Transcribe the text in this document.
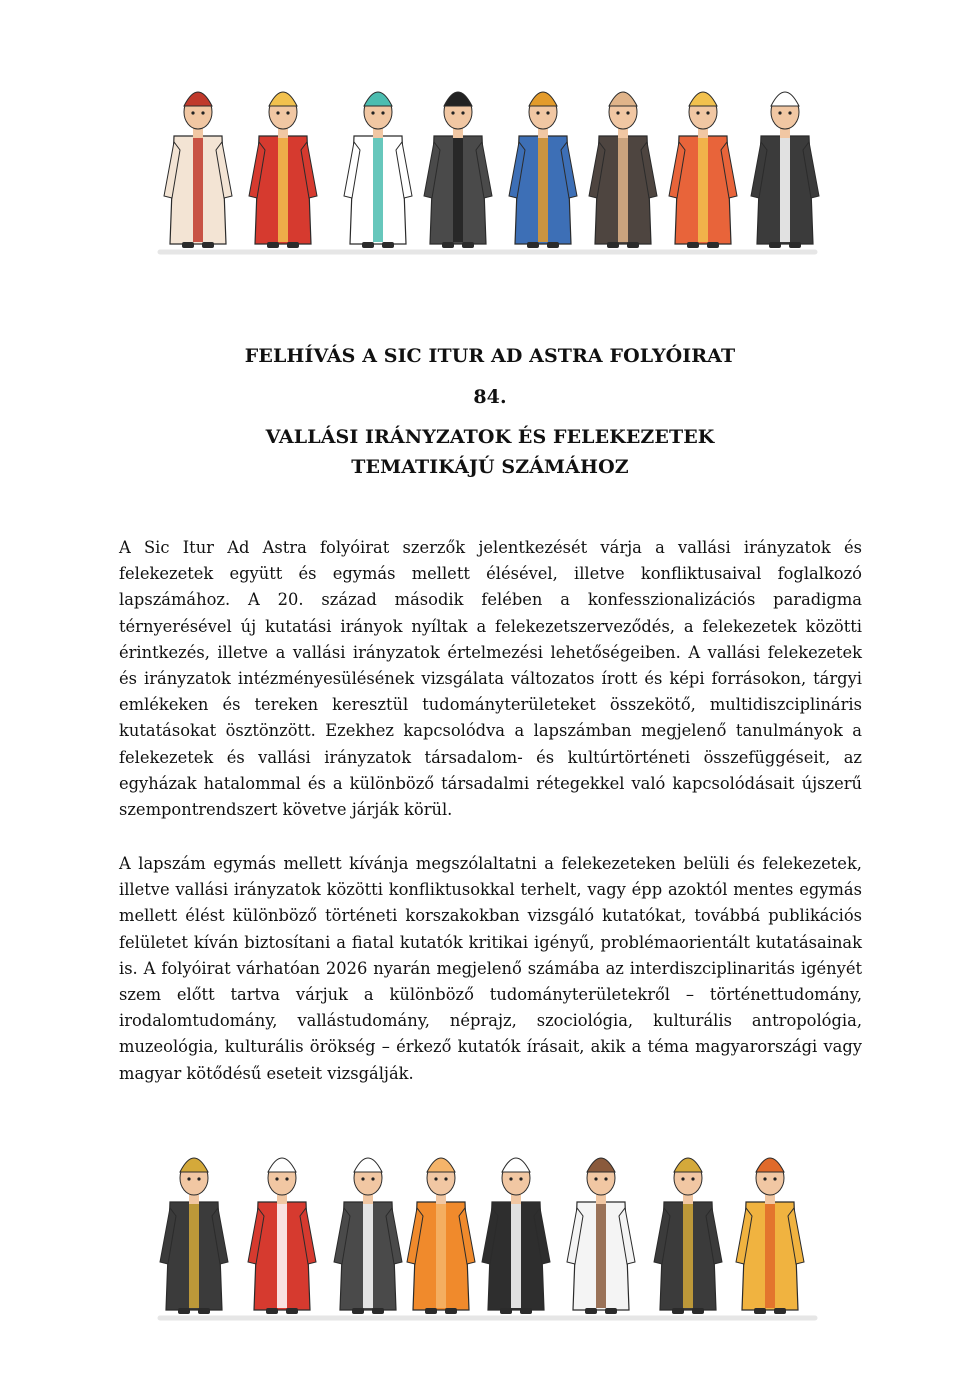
FELHÍVÁS A SIC ITUR AD ASTRA FOLYÓIRAT
84.
VALLÁSI IRÁNYZATOK ÉS FELEKEZETEK
TEMATIKÁJÚ SZÁMÁHOZ

A Sic Itur Ad Astra folyóirat szerzők jelentkezését várja a vallási irányzatok és felekezetek együtt és egymás mellett élésével, illetve konfliktusaival foglalkozó lapszámához. A 20. század második felében a konfesszionalizációs paradigma térnyerésével új kutatási irányok nyíltak a felekezetszerveződés, a felekezetek közötti érintkezés, illetve a vallási irányzatok értelmezési lehetőségeiben. A vallási felekezetek és irányzatok intézményesülésének vizsgálata változatos írott és képi forrásokon, tárgyi emlékeken és tereken keresztül tudományterületeket összekötő, multidiszciplináris kutatásokat ösztönzött. Ezekhez kapcsolódva a lapszámban megjelenő tanulmányok a felekezetek és vallási irányzatok társadalom- és kultúrtörténeti összefüggéseit, az egyházak hatalommal és a különböző társadalmi rétegekkel való kapcsolódásait újszerű szempontrendszert követve járják körül.

A lapszám egymás mellett kívánja megszólaltatni a felekezeteken belüli és felekezetek, illetve vallási irányzatok közötti konfliktusokkal terhelt, vagy épp azoktól mentes egymás mellett élést különböző történeti korszakokban vizsgáló kutatókat, továbbá publikációs felületet kíván biztosítani a fiatal kutatók kritikai igényű, problémaorientált kutatásainak is. A folyóirat várhatóan 2026 nyarán megjelenő számába az interdiszciplinaritás igényét szem előtt tartva várjuk a különböző tudományterületekről – történettudomány, irodalomtudomány, vallástudomány, néprajz, szociológia, kulturális antropológia, muzeológia, kulturális örökség – érkező kutatók írásait, akik a téma magyarországi vagy magyar kötődésű eseteit vizsgálják.
